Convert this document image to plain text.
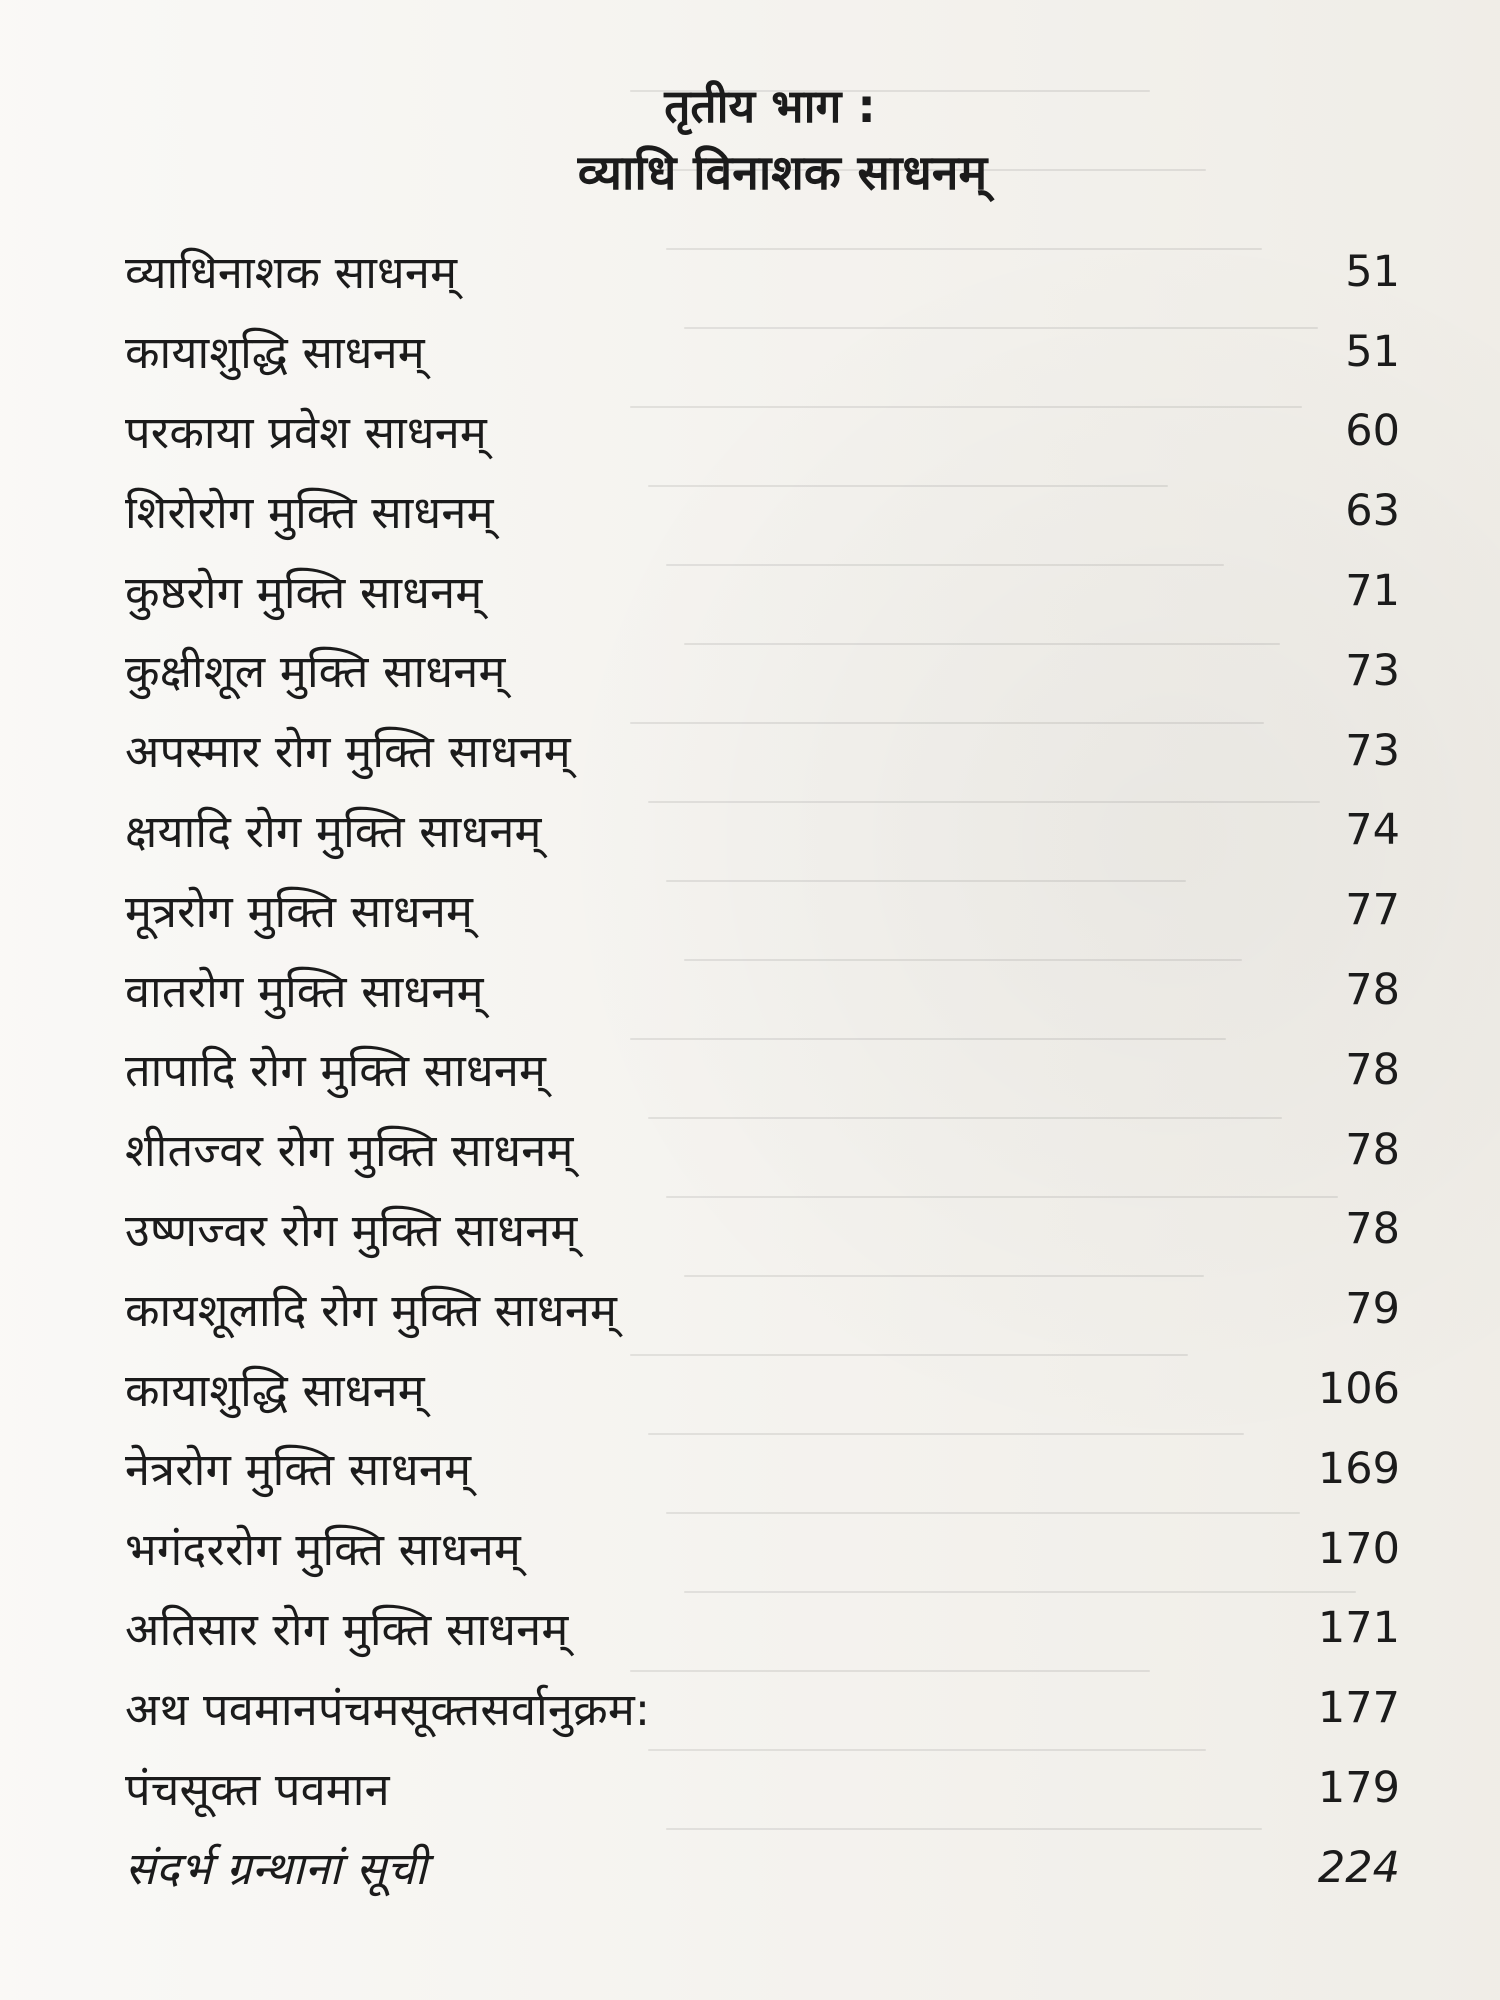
तृतीय भाग :
व्याधि विनाशक साधनम्
व्याधिनाशक साधनम्	51
कायाशुद्धि साधनम्	51
परकाया प्रवेश साधनम्	60
शिरोरोग मुक्ति साधनम्	63
कुष्ठरोग मुक्ति साधनम्	71
कुक्षीशूल मुक्ति साधनम्	73
अपस्मार रोग मुक्ति साधनम्	73
क्षयादि रोग मुक्ति साधनम्	74
मूत्ररोग मुक्ति साधनम्	77
वातरोग मुक्ति साधनम्	78
तापादि रोग मुक्ति साधनम्	78
शीतज्वर रोग मुक्ति साधनम्	78
उष्णज्वर रोग मुक्ति साधनम्	78
कायशूलादि रोग मुक्ति साधनम्	79
कायाशुद्धि साधनम्	106
नेत्ररोग मुक्ति साधनम्	169
भगंदररोग मुक्ति साधनम्	170
अतिसार रोग मुक्ति साधनम्	171
अथ पवमानपंचमसूक्तसर्वानुक्रम:	177
पंचसूक्त पवमान	179
संदर्भ ग्रन्थानां सूची	224
